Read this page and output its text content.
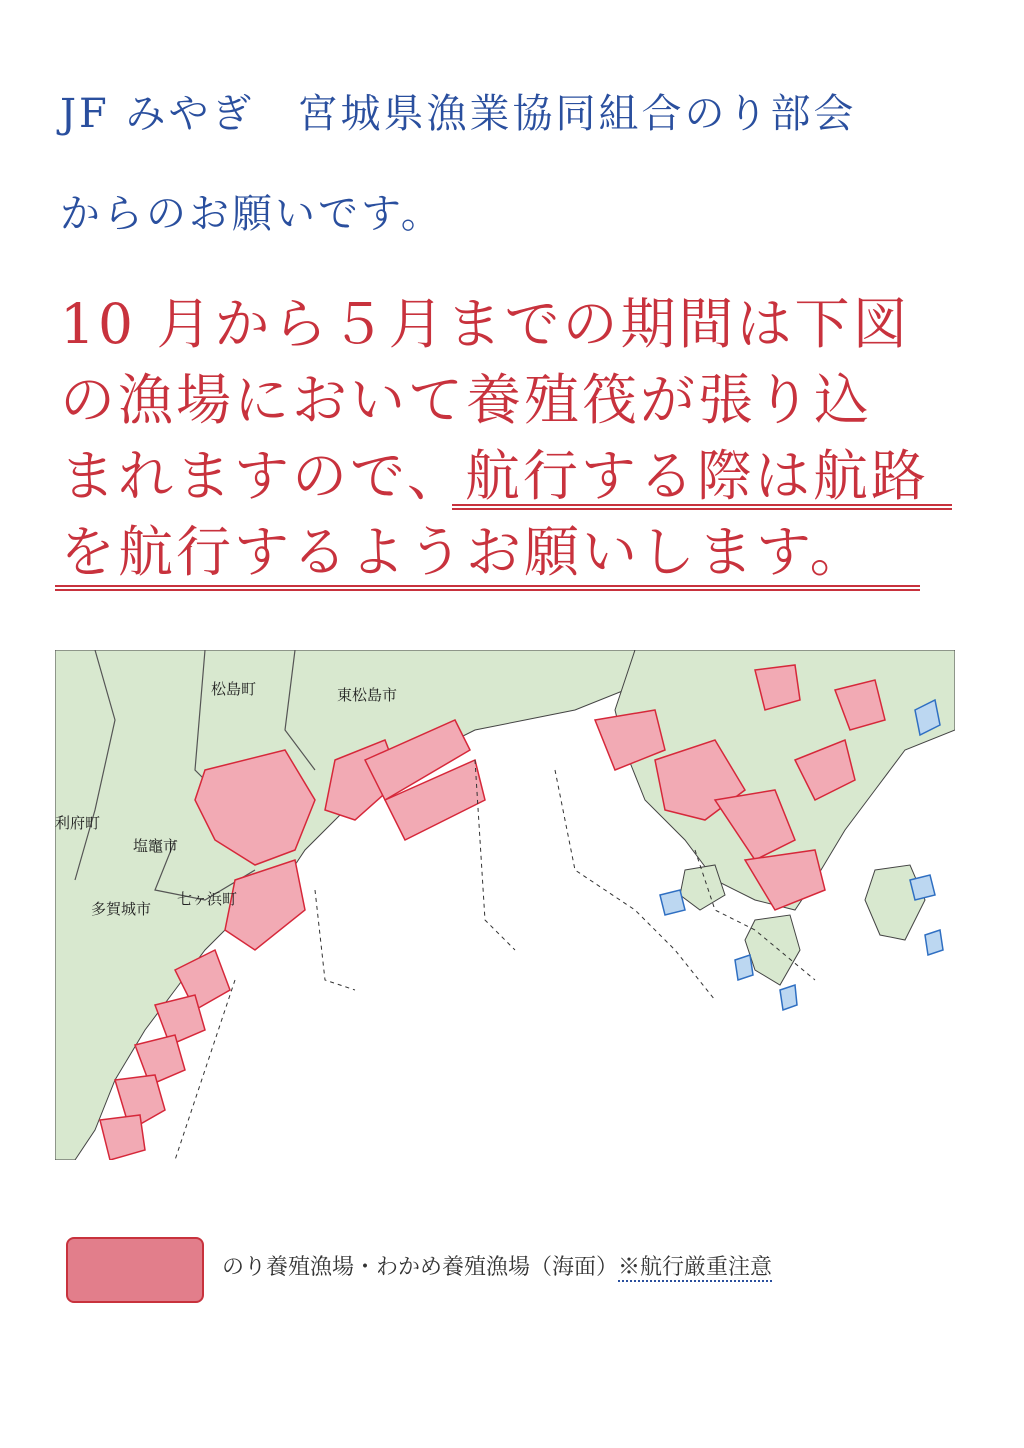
JF みやぎ　宮城県漁業協同組合のり部会
からのお願いです。
10 月から５月までの期間は下図
の漁場において養殖筏が張り込
まれますので、航行する際は航路
を航行するようお願いします。
松島町	東松島市
利府町
塩竈市
七ヶ浜町
多賀城市
のり養殖漁場・わかめ養殖漁場（海面）※航行厳重注意
